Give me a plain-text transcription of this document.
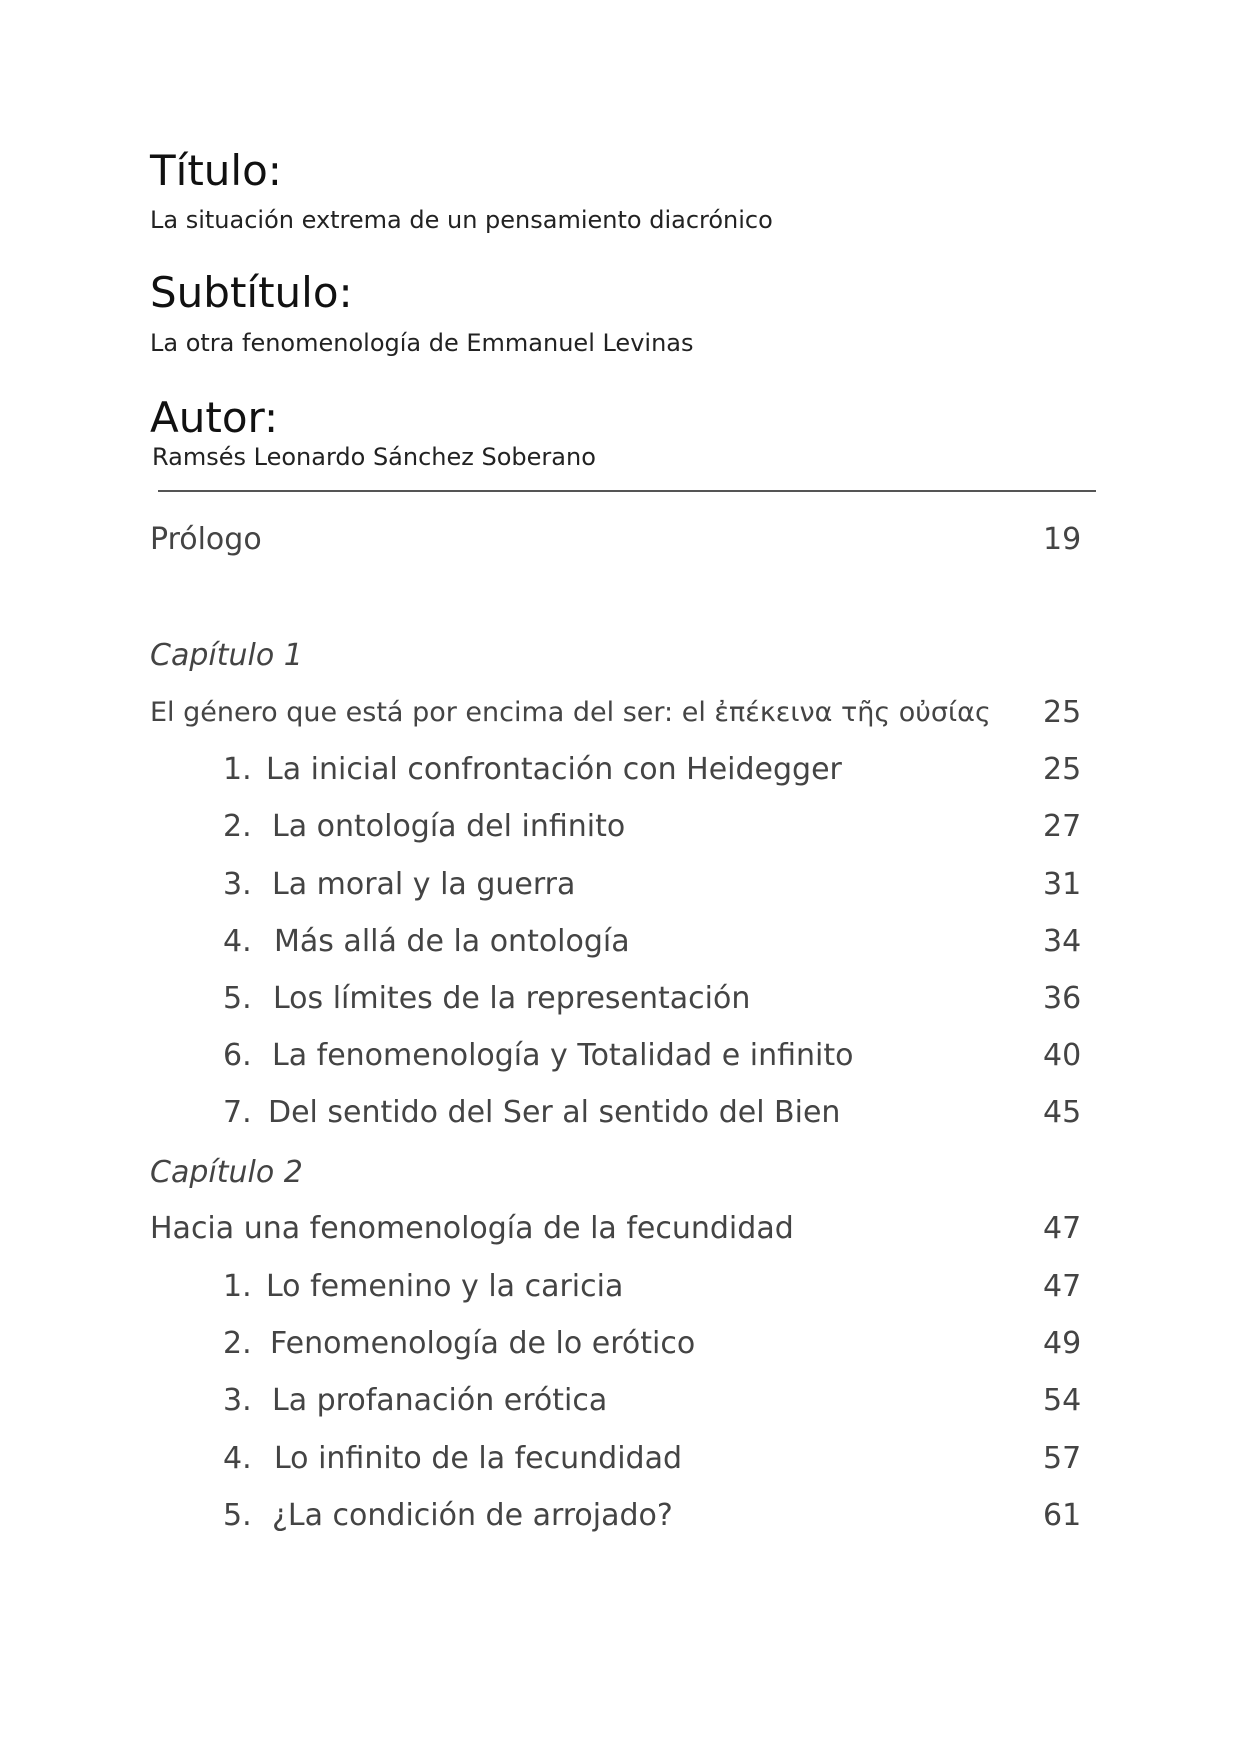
Título:

La situación extrema de un pensamiento diacrónico

Subtítulo:

La otra fenomenología de Emmanuel Levinas

Autor:

Ramsés Leonardo Sánchez Soberano

Prólogo	19
Capítulo 1
El género que está por encima del ser: el ἐπέκεινα τῆς οὐσίας 25
1. La inicial confrontación con Heidegger	25
2. La ontología del infinito	27
3. La moral y la guerra	31
4. Más allá de la ontología	34
5. Los límites de la representación	36
6. La fenomenología y Totalidad e infinito	40
7. Del sentido del Ser al sentido del Bien	45
Capítulo 2
Hacia una fenomenología de la fecundidad	47
1. Lo femenino y la caricia	47
2. Fenomenología de lo erótico	49
3. La profanación erótica	54
4. Lo infinito de la fecundidad	57
5. ¿La condición de arrojado?	61
